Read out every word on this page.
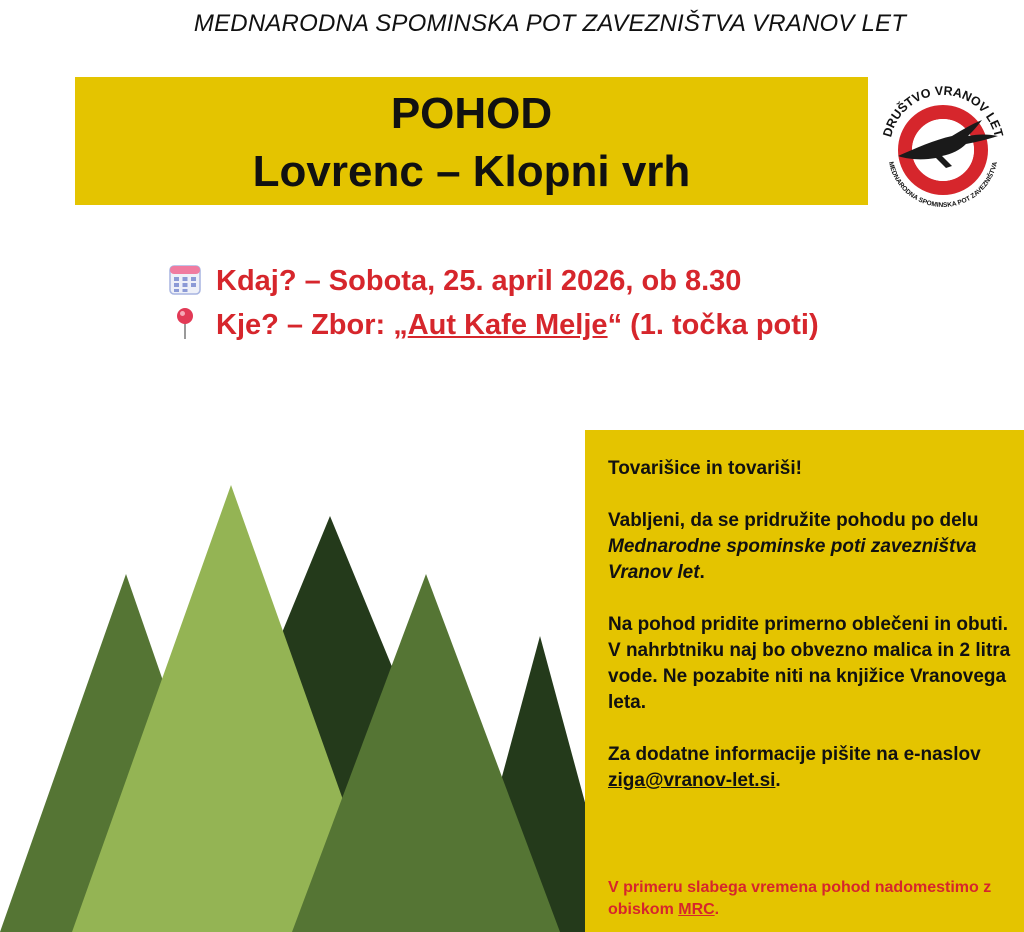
MEDNARODNA SPOMINSKA POT ZAVEZNIŠTVA VRANOV LET
POHOD
Lovrenc – Klopni vrh
DRUŠTVO VRANOV LET
MEDNARODNA SPOMINSKA POT ZAVEZNIŠTVA
Kdaj? – Sobota, 25. april 2026, ob 8.30
Kje? – Zbor: „Aut Kafe Melje“ (1. točka poti)

Tovarišice in tovariši!

Vabljeni, da se pridružite pohodu po delu Mednarodne spominske poti zavezništva Vranov let.

Na pohod pridite primerno oblečeni in obuti. V nahrbtniku naj bo obvezno malica in 2 litra vode. Ne pozabite niti na knjižice Vranovega leta.

Za dodatne informacije pišite na e-naslov ziga@vranov-let.si.

V primeru slabega vremena pohod nadomestimo z obiskom MRC.
